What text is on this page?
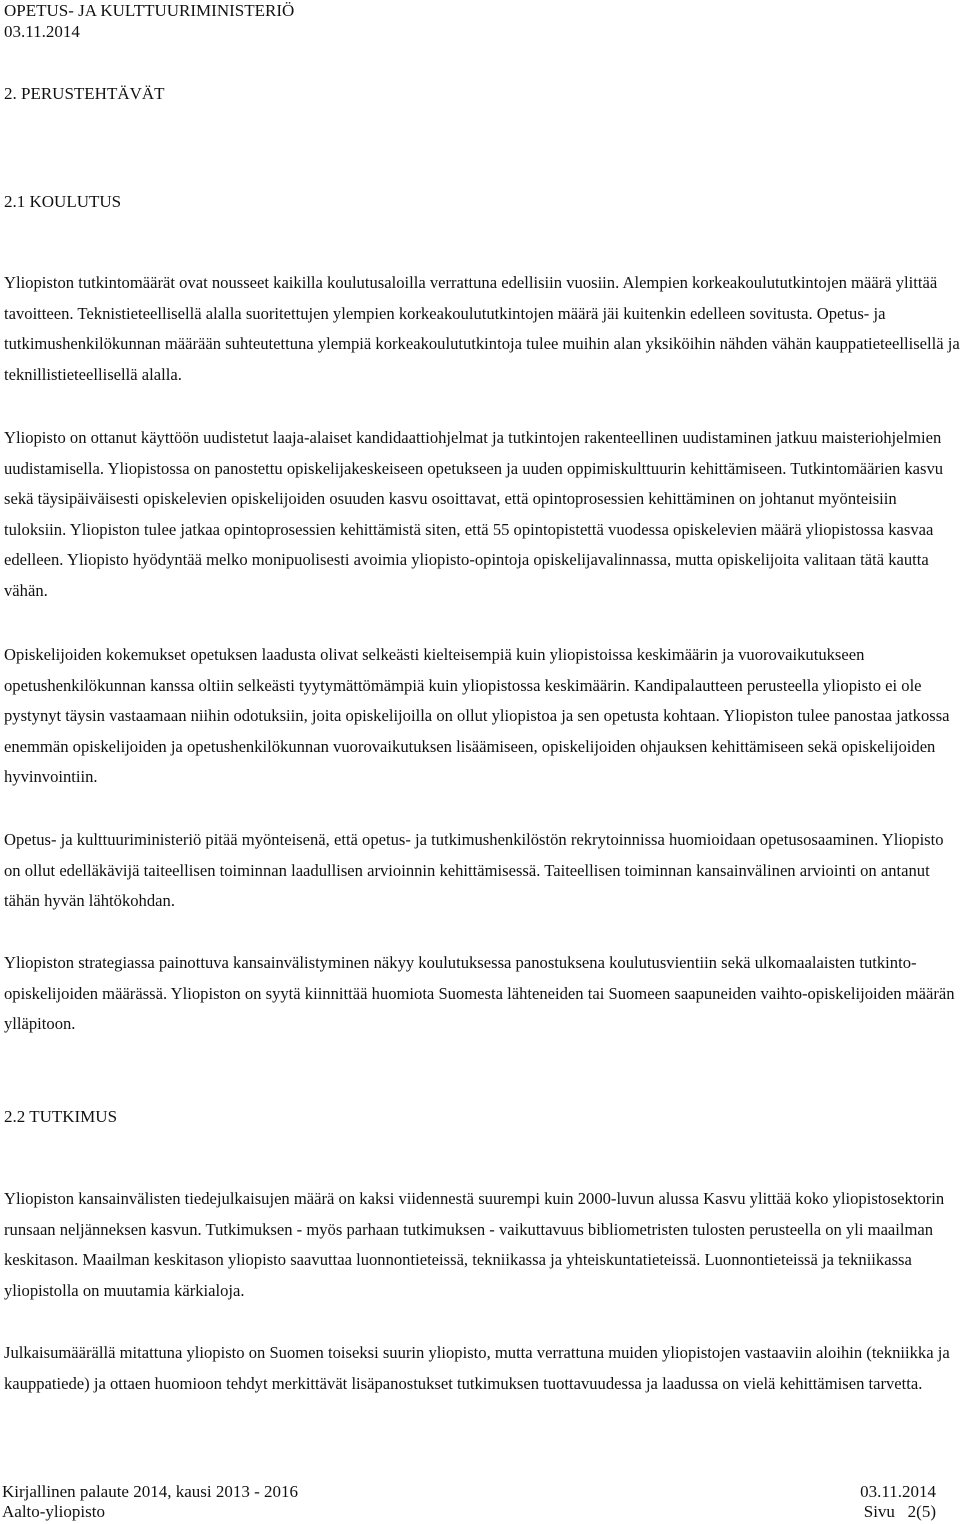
OPETUS- JA KULTTUURIMINISTERIÖ
03.11.2014
2. PERUSTEHTÄVÄT
2.1 KOULUTUS

Yliopiston tutkintomäärät ovat nousseet kaikilla koulutusaloilla verrattuna edellisiin vuosiin. Alempien korkeakoulututkintojen määrä ylittää tavoitteen. Teknistieteellisellä alalla suoritettujen ylempien korkeakoulututkintojen määrä jäi kuitenkin edelleen sovitusta. Opetus- ja tutkimushenkilökunnan määrään suhteutettuna ylempiä korkeakoulututkintoja tulee muihin alan yksiköihin nähden vähän kauppatieteellisellä ja teknillistieteellisellä alalla.

Yliopisto on ottanut käyttöön uudistetut laaja-alaiset kandidaattiohjelmat ja tutkintojen rakenteellinen uudistaminen jatkuu maisteriohjelmien uudistamisella. Yliopistossa on panostettu opiskelijakeskeiseen opetukseen ja uuden oppimiskulttuurin kehittämiseen. Tutkintomäärien kasvu sekä täysipäiväisesti opiskelevien opiskelijoiden osuuden kasvu osoittavat, että opintoprosessien kehittäminen on johtanut myönteisiin tuloksiin. Yliopiston tulee jatkaa opintoprosessien kehittämistä siten, että 55 opintopistettä vuodessa opiskelevien määrä yliopistossa kasvaa edelleen. Yliopisto hyödyntää melko monipuolisesti avoimia yliopisto-opintoja opiskelijavalinnassa, mutta opiskelijoita valitaan tätä kautta vähän.

Opiskelijoiden kokemukset opetuksen laadusta olivat selkeästi kielteisempiä kuin yliopistoissa keskimäärin ja vuorovaikutukseen opetushenkilökunnan kanssa oltiin selkeästi tyytymättömämpiä kuin yliopistossa keskimäärin. Kandipalautteen perusteella yliopisto ei ole pystynyt täysin vastaamaan niihin odotuksiin, joita opiskelijoilla on ollut yliopistoa ja sen opetusta kohtaan. Yliopiston tulee panostaa jatkossa enemmän opiskelijoiden ja opetushenkilökunnan vuorovaikutuksen lisäämiseen, opiskelijoiden ohjauksen kehittämiseen sekä opiskelijoiden hyvinvointiin.

Opetus- ja kulttuuriministeriö pitää myönteisenä, että opetus- ja tutkimushenkilöstön rekrytoinnissa huomioidaan opetusosaaminen. Yliopisto on ollut edelläkävijä taiteellisen toiminnan laadullisen arvioinnin kehittämisessä. Taiteellisen toiminnan kansainvälinen arviointi on antanut tähän hyvän lähtökohdan.

Yliopiston strategiassa painottuva kansainvälistyminen näkyy koulutuksessa panostuksena koulutusvientiin sekä ulkomaalaisten tutkinto-opiskelijoiden määrässä. Yliopiston on syytä kiinnittää huomiota Suomesta lähteneiden tai Suomeen saapuneiden vaihto-opiskelijoiden määrän ylläpitoon.

2.2 TUTKIMUS

Yliopiston kansainvälisten tiedejulkaisujen määrä on kaksi viidennestä suurempi kuin 2000-luvun alussa Kasvu ylittää koko yliopistosektorin runsaan neljänneksen kasvun. Tutkimuksen - myös parhaan tutkimuksen - vaikuttavuus bibliometristen tulosten perusteella on yli maailman keskitason. Maailman keskitason yliopisto saavuttaa luonnontieteissä, tekniikassa ja yhteiskuntatieteissä. Luonnontieteissä ja tekniikassa yliopistolla on muutamia kärkialoja.

Julkaisumäärällä mitattuna yliopisto on Suomen toiseksi suurin yliopisto, mutta verrattuna muiden yliopistojen vastaaviin aloihin (tekniikka ja kauppatiede) ja ottaen huomioon tehdyt merkittävät lisäpanostukset tutkimuksen tuottavuudessa ja laadussa on vielä kehittämisen tarvetta.

Kirjallinen palaute 2014, kausi 2013 - 2016
Aalto-yliopisto
03.11.2014
Sivu   2(5)
